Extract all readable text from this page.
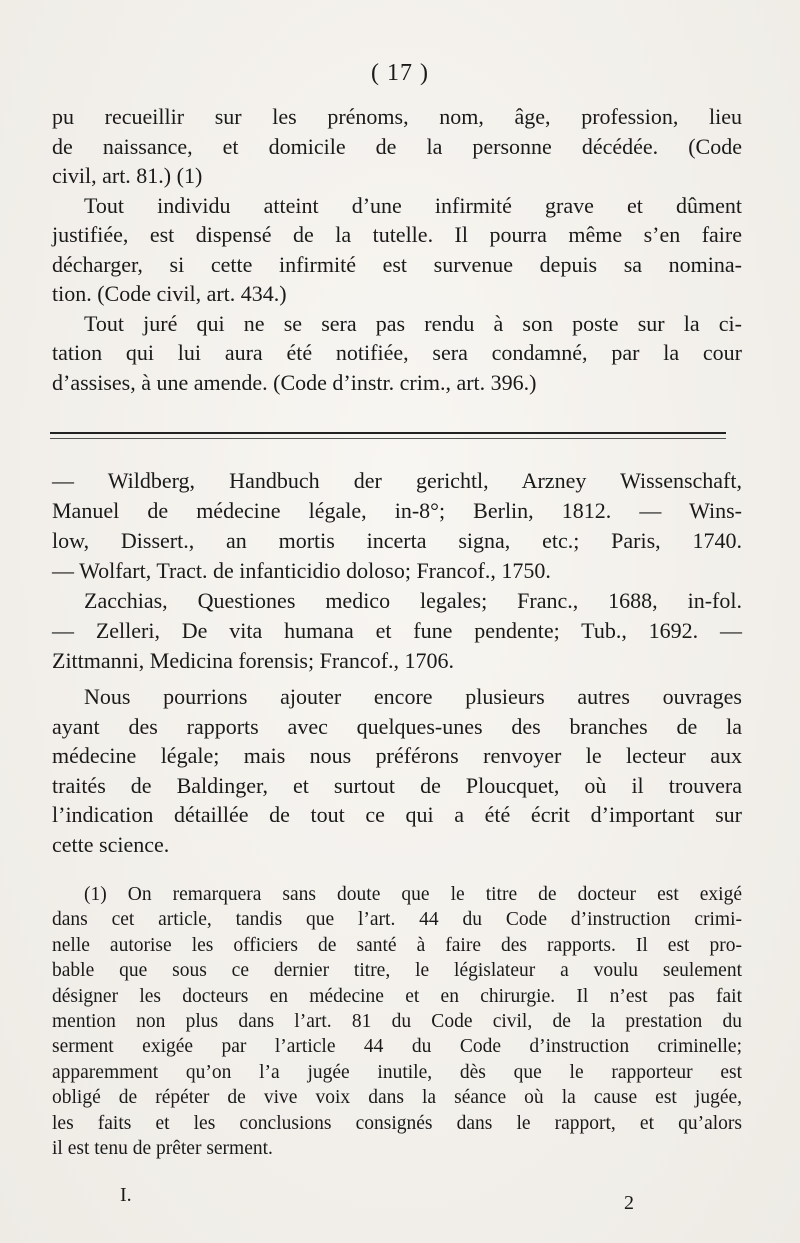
( 17 )
pu recueillir sur les prénoms, nom, âge, profession, lieu
de naissance, et domicile de la personne décédée. (Code
civil, art. 81.) (1)
Tout individu atteint d’une infirmité grave et dûment
justifiée, est dispensé de la tutelle. Il pourra même s’en faire
décharger, si cette infirmité est survenue depuis sa nomina-
tion. (Code civil, art. 434.)
Tout juré qui ne se sera pas rendu à son poste sur la ci-
tation qui lui aura été notifiée, sera condamné, par la cour
d’assises, à une amende. (Code d’instr. crim., art. 396.)
— Wildberg, Handbuch der gerichtl, Arzney Wissenschaft,
Manuel de médecine légale, in-8°; Berlin, 1812. — Wins-
low, Dissert., an mortis incerta signa, etc.; Paris, 1740.
— Wolfart, Tract. de infanticidio doloso; Francof., 1750.
Zacchias, Questiones medico legales; Franc., 1688, in-fol.
— Zelleri, De vita humana et fune pendente; Tub., 1692. —
Zittmanni, Medicina forensis; Francof., 1706.
Nous pourrions ajouter encore plusieurs autres ouvrages
ayant des rapports avec quelques-unes des branches de la
médecine légale; mais nous préférons renvoyer le lecteur aux
traités de Baldinger, et surtout de Ploucquet, où il trouvera
l’indication détaillée de tout ce qui a été écrit d’important sur
cette science.
(1) On remarquera sans doute que le titre de docteur est exigé
dans cet article, tandis que l’art. 44 du Code d’instruction crimi-
nelle autorise les officiers de santé à faire des rapports. Il est pro-
bable que sous ce dernier titre, le législateur a voulu seulement
désigner les docteurs en médecine et en chirurgie. Il n’est pas fait
mention non plus dans l’art. 81 du Code civil, de la prestation du
serment exigée par l’article 44 du Code d’instruction criminelle;
apparemment qu’on l’a jugée inutile, dès que le rapporteur est
obligé de répéter de vive voix dans la séance où la cause est jugée,
les faits et les conclusions consignés dans le rapport, et qu’alors
il est tenu de prêter serment.
I.	2
